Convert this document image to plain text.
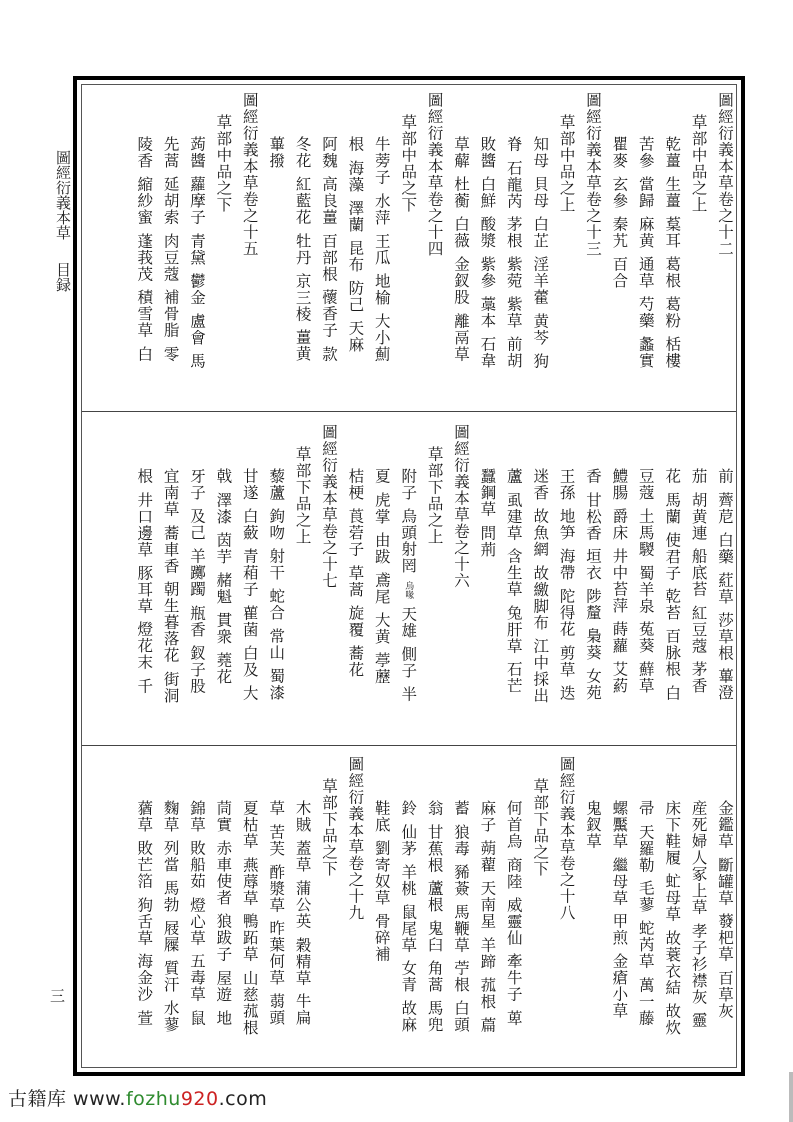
圖經衍義本草目録
三
圖經衍義本草卷之十二
草部中品之上
乾薑生薑葈耳葛根葛粉栝樓
苦參當歸麻黄通草芍藥蠡實
瞿麥玄參秦艽百合
圖經衍義本草卷之十三
草部中品之上
知母貝母白芷淫羊藿黄芩狗
脊石龍芮茅根紫菀紫草前胡
敗醬白鮮酸漿紫參藁本石韋
草薢杜蘅白薇金釵股離鬲草
圖經衍義本草卷之十四
草部中品之下
牛蒡子水萍王瓜地榆大小薊
根海藻澤蘭昆布防己天麻
阿魏高良薑百部根蘹香子款
冬花紅藍花牡丹京三棱薑黄
蓽撥
圖經衍義本草卷之十五
草部中品之下
蒟醬蘿摩子青黛鬱金盧會馬
先蒿延胡索肉豆蔻補骨脂零
陵香縮紗蜜蓬莪茂積雪草白
前薺苨白藥葒草莎草根蓽澄
茄胡黄連船底苔紅豆蔻茅香
花馬蘭使君子乾苔百脉根白
豆蔻土馬騣蜀羊泉菟葵蘚草
鱧腸爵床井中苔萍蒔蘿艾葯
香甘松香垣衣陟釐梟葵女苑
王孫地笋海帶陀得花剪草迭
迷香故魚網故繳脚布江中採出
蘆虱建草含生草兔肝草石芒
蠶鋼草問荊
圖經衍義本草卷之十六
草部下品之上
附子烏頭射罔烏喙天雄側子半
夏虎掌由跋鳶尾大黄葶藶
桔梗莨菪子草蒿旋覆蕎花
圖經衍義本草卷之十七
草部下品之上
藜蘆鉤吻射干蛇合常山蜀漆
甘遂白蘞青葙子雚菌白及大
戟澤漆茵芋赭魁貫衆蕘花
牙子及己羊躑躅瓶香釵子股
宜南草蕎車香朝生暮落花街洞
根井口邊草豚耳草燈花末千
金鑑草斷罐草蕟杷草百草灰
産死婦人冢上草孝子衫襟灰靈
床下鞋履虻母草故蓑衣結故炊
帚天羅勒毛蓼蛇芮草萬一藤
螺黶草繼母草甲煎金瘡小草
鬼釵草
圖經衍義本草卷之十八
草部下品之下
何首烏商陸威靈仙牽牛子萆
麻子蒴藋天南星羊蹄菰根萹
蓄狼毒豨薟馬鞭草苧根白頭
翁甘蕉根蘆根鬼臼角蒿馬兜
鈴仙茅羊桃鼠尾草女青故麻
鞋底劉寄奴草骨碎補
圖經衍義本草卷之十九
草部下品之下
木賊蓋草蒲公英穀精草牛扁
草苦芙酢漿草昨葉何草蒻頭
夏枯草燕蓐草鴨跖草山慈菰根
茼實赤車使者狼跋子屋遊地
錦草敗船茹燈心草五毒草鼠
麴草列當馬勃屐屧質汗水蓼
蕕草敗芒箔狗舌草海金沙萱
古籍库 www.fozhu920.com
